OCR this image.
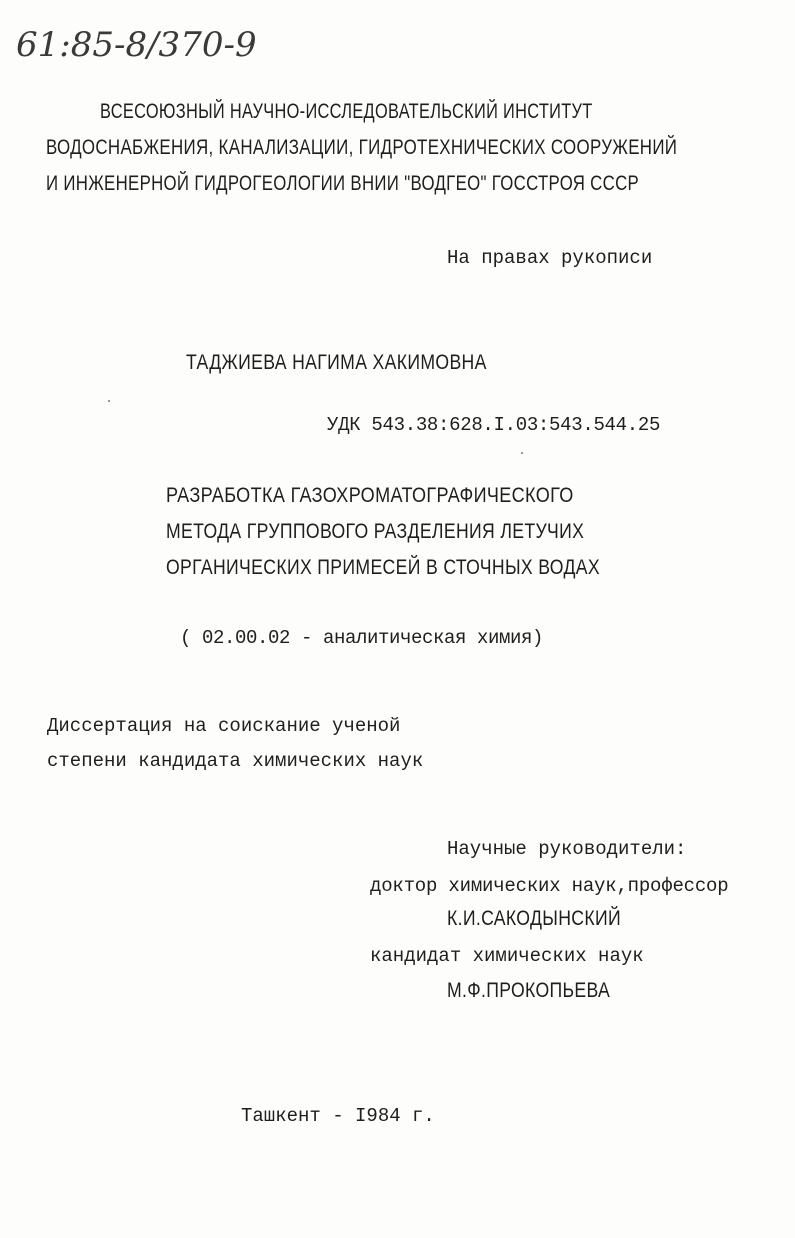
61:85-8/370-9
ВСЕСОЮЗНЫЙ НАУЧНО-ИССЛЕДОВАТЕЛЬСКИЙ ИНСТИТУТ
ВОДОСНАБЖЕНИЯ, КАНАЛИЗАЦИИ, ГИДРОТЕХНИЧЕСКИХ СООРУЖЕНИЙ
И ИНЖЕНЕРНОЙ ГИДРОГЕОЛОГИИ ВНИИ "ВОДГЕО" ГОССТРОЯ СССР
На правах рукописи
ТАДЖИЕВА НАГИМА ХАКИМОВНА
УДК 543.38:628.I.03:543.544.25
РАЗРАБОТКА ГАЗОХРОМАТОГРАФИЧЕСКОГО
МЕТОДА ГРУППОВОГО РАЗДЕЛЕНИЯ ЛЕТУЧИХ
ОРГАНИЧЕСКИХ ПРИМЕСЕЙ В СТОЧНЫХ ВОДАХ
( 02.00.02 - аналитическая химия)
Диссертация на соискание ученой
степени кандидата химических наук
Научные руководители:
доктор химических наук,профессор
К.И.САКОДЫНСКИЙ
кандидат химических наук
М.Ф.ПРОКОПЬЕВА
Ташкент - I984 г.
